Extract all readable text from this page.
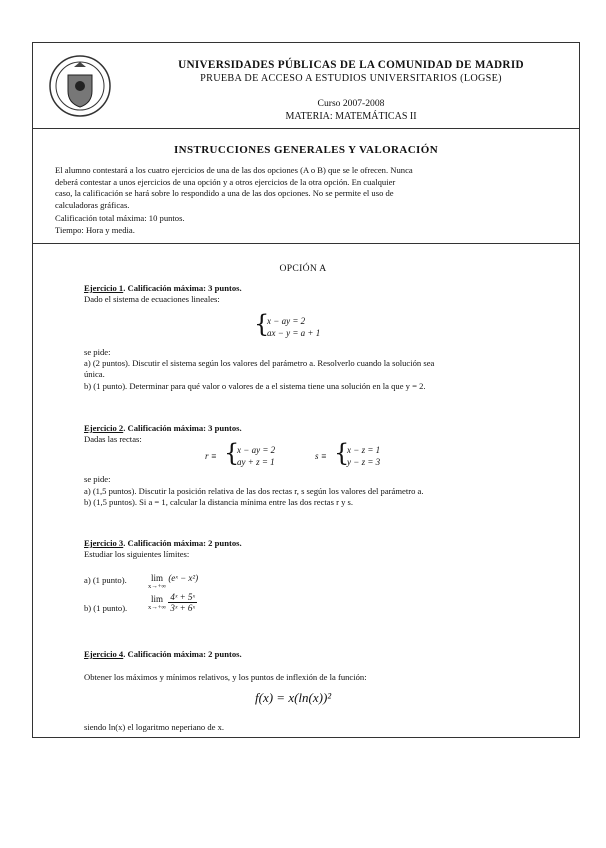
UNIVERSIDADES PÚBLICAS DE LA COMUNIDAD DE MADRID
PRUEBA DE ACCESO A ESTUDIOS UNIVERSITARIOS (LOGSE)
Curso 2007-2008
MATERIA: MATEMÁTICAS II
INSTRUCCIONES GENERALES Y VALORACIÓN
El alumno contestará a los cuatro ejercicios de una de las dos opciones (A o B) que se le ofrecen. Nunca
deberá contestar a unos ejercicios de una opción y a otros ejercicios de la otra opción. En cualquier
caso, la calificación se hará sobre lo respondido a una de las dos opciones. No se permite el uso de
calculadoras gráficas.
Calificación total máxima: 10 puntos.
Tiempo: Hora y media.
OPCIÓN A
Ejercicio 1. Calificación máxima: 3 puntos.
Dado el sistema de ecuaciones lineales:
{
x − ay = 2
ax − y = a + 1
se pide:
a) (2 puntos). Discutir el sistema según los valores del parámetro a. Resolverlo cuando la solución sea
única.
b) (1 punto). Determinar para qué valor o valores de a el sistema tiene una solución en la que y = 2.
Ejercicio 2. Calificación máxima: 3 puntos.
Dadas las rectas:
r ≡ {
x − ay = 2
ay + z = 1
s ≡ {
x − z = 1
y − z = 3
se pide:
a) (1,5 puntos). Discutir la posición relativa de las dos rectas r, s según los valores del parámetro a.
b) (1,5 puntos). Si a = 1, calcular la distancia mínima entre las dos rectas r y s.
Ejercicio 3. Calificación máxima: 2 puntos.
Estudiar los siguientes límites:
a) (1 punto).	lim
x→+∞
(eˣ − x²)
b) (1 punto).
lim
x→+∞
$\frac{\text{4ˣ + 5ˣ}}{\text{3ˣ + 6ˣ}}$
Ejercicio 4. Calificación máxima: 2 puntos.
Obtener los máximos y mínimos relativos, y los puntos de inflexión de la función:
f(x) = x(ln(x))²
siendo ln(x) el logaritmo neperiano de x.
